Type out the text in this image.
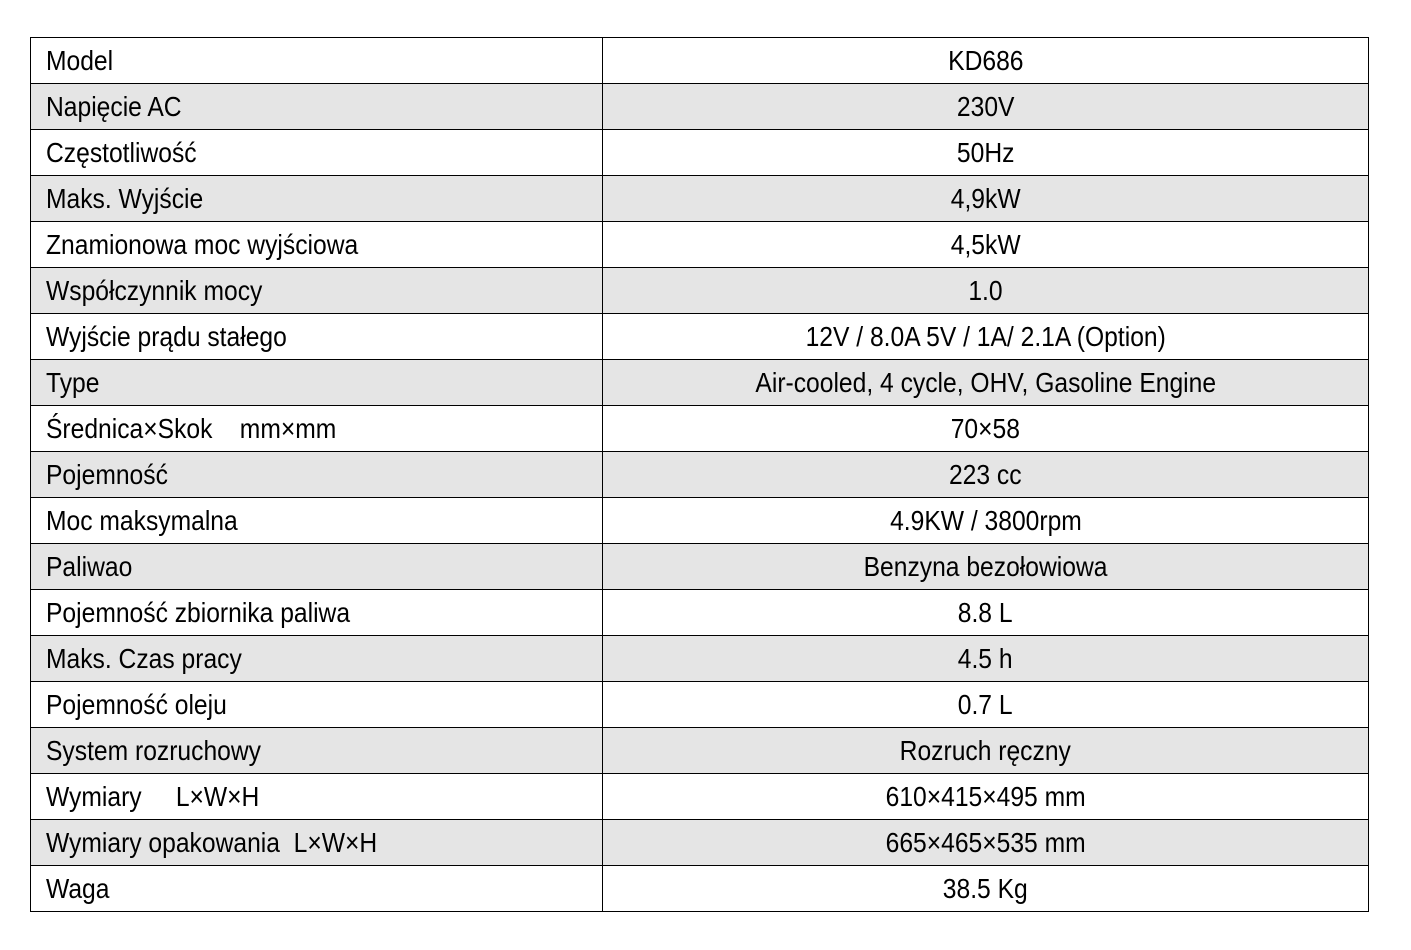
Model	KD686
Napięcie AC	230V
Częstotliwość	50Hz
Maks. Wyjście	4,9kW
Znamionowa moc wyjściowa	4,5kW
Współczynnik mocy	1.0
Wyjście prądu stałego	12V / 8.0A 5V / 1A/ 2.1A (Option)
Type	Air-cooled, 4 cycle, OHV, Gasoline Engine
Średnica×Skok    mm×mm	70×58
Pojemność	223 cc
Moc maksymalna	4.9KW / 3800rpm
Paliwao	Benzyna bezołowiowa
Pojemność zbiornika paliwa	8.8 L
Maks. Czas pracy	4.5 h
Pojemność oleju	0.7 L
System rozruchowy	Rozruch ręczny
Wymiary     L×W×H	610×415×495 mm
Wymiary opakowania  L×W×H	665×465×535 mm
Waga	38.5 Kg
